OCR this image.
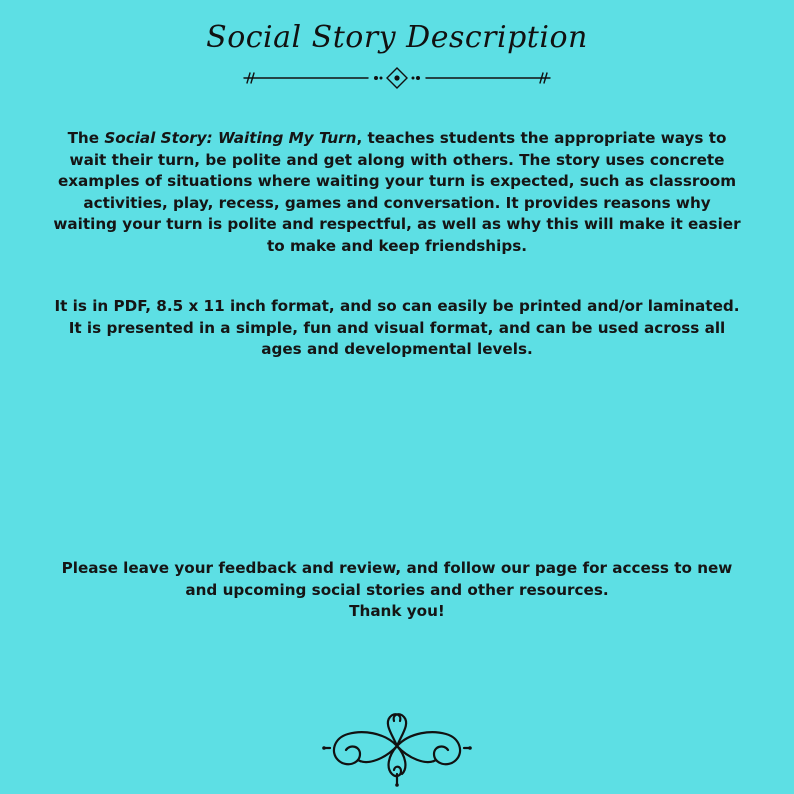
Social Story Description

The Social Story: Waiting My Turn, teaches students the appropriate ways to wait their turn, be polite and get along with others. The story uses concrete examples of situations where waiting your turn is expected, such as classroom activities, play, recess, games and conversation. It provides reasons why waiting your turn is polite and respectful, as well as why this will make it easier to make and keep friendships.

It is in PDF, 8.5 x 11 inch format, and so can easily be printed and/or laminated. It is presented in a simple, fun and visual format, and can be used across all ages and developmental levels.

Please leave your feedback and review, and follow our page for access to new and upcoming social stories and other resources.
Thank you!
